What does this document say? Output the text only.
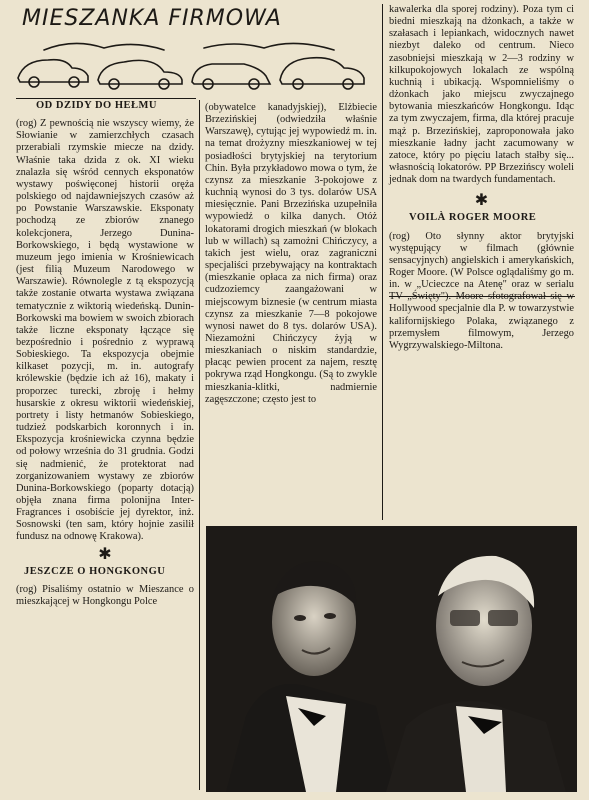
MIESZANKA FIRMOWA
OD DZIDY DO HEŁMU

(rog) Z pewnością nie wszyscy wiemy, że Słowianie w zamierzchłych czasach przerabiali rzymskie miecze na dzidy. Właśnie taka dzida z ok. XI wieku znalazła się wśród cennych eksponatów wystawy poświęconej historii oręża polskiego od najdawniejszych czasów aż po Powstanie Warszawskie. Eksponaty pochodzą ze zbiorów znanego kolekcjonera, Jerzego Dunina-Borkowskiego, i będą wystawione w muzeum jego imienia w Krośniewicach (jest filią Muzeum Narodowego w Warszawie). Równolegle z tą ekspozycją także zostanie otwarta wystawa związana tematycznie z wiktorią wiedeńską. Dunin-Borkowski ma bowiem w swoich zbiorach także liczne eksponaty łączące się bezpośrednio i pośrednio z wyprawą Sobieskiego. Ta ekspozycja obejmie kilkaset pozycji, m. in. autografy królewskie (będzie ich aż 16), makaty i proporzec turecki, zbroję i hełmy husarskie z okresu wiktorii wiedeńskiej, portrety i listy hetmanów Sobieskiego, tudzież podskarbich koronnych i in. Ekspozycja krośniewicka czynna będzie od połowy września do 31 grudnia. Godzi się nadmienić, że protektorat nad zorganizowaniem wystawy ze zbiorów Dunina-Borkowskiego (poparty dotacją) objęła znana firma polonijna Inter-Fragrances i osobiście jej dyrektor, inż. Sosnowski (ten sam, który hojnie zasilił fundusz na odnowę Krakowa).

✱
JESZCZE O HONGKONGU

(rog) Pisaliśmy ostatnio w Mieszance o mieszkającej w Hongkongu Polce

(obywatelce kanadyjskiej), Elżbiecie Brzezińskiej (odwiedziła właśnie Warszawę), cytując jej wypowiedź m. in. na temat drożyzny mieszkaniowej w tej posiadłości brytyjskiej na terytorium Chin. Była przykładowo mowa o tym, że czynsz za mieszkanie 3-pokojowe z kuchnią wynosi do 3 tys. dolarów USA miesięcznie. Pani Brzezińska uzupełniła wypowiedź o kilka danych. Otóż lokatorami drogich mieszkań (w blokach lub w willach) są zamożni Chińczycy, a takich jest wielu, oraz zagraniczni specjaliści przebywający na kontraktach (mieszkanie opłaca za nich firma) oraz cudzoziemcy zaangażowani w miejscowym biznesie (w centrum miasta czynsz za mieszkanie 7—8 pokojowe wynosi nawet do 8 tys. dolarów USA). Niezamożni Chińczycy żyją w mieszkaniach o niskim standardzie, płacąc pewien procent za najem, resztę pokrywa rząd Hongkongu. (Są to zwykle mieszkania-klitki, nadmiernie zagęszczone; często jest to

kawalerka dla sporej rodziny). Poza tym ci biedni mieszkają na dżonkach, a także w szałasach i lepiankach, widocznych nawet niezbyt daleko od centrum. Nieco zasobniejsi mieszkają w 2—3 rodziny w kilkupokojowych lokalach ze wspólną kuchnią i ubikacją. Wspomnieliśmy o dżonkach jako miejscu zwyczajnego bytowania mieszkańców Hongkongu. Idąc za tym zwyczajem, firma, dla której pracuje mąż p. Brzezińskiej, zaproponowała jako mieszkanie ładny jacht zacumowany w zatoce, który po pięciu latach stałby się... własnością lokatorów. PP Brzezińscy woleli jednak dom na twardych fundamentach.

✱
VOILÀ ROGER MOORE

(rog) Oto słynny aktor brytyjski występujący w filmach (głównie sensacyjnych) angielskich i amerykańskich, Roger Moore. (W Polsce oglądaliśmy go m. in. w „Ucieczce na Atenę" oraz w serialu TV „Święty"). Moore sfotografował się w Hollywood specjalnie dla P. w towarzystwie kalifornijskiego Polaka, związanego z przemysłem filmowym, Jerzego Wygrzywalskiego-Miltona.
